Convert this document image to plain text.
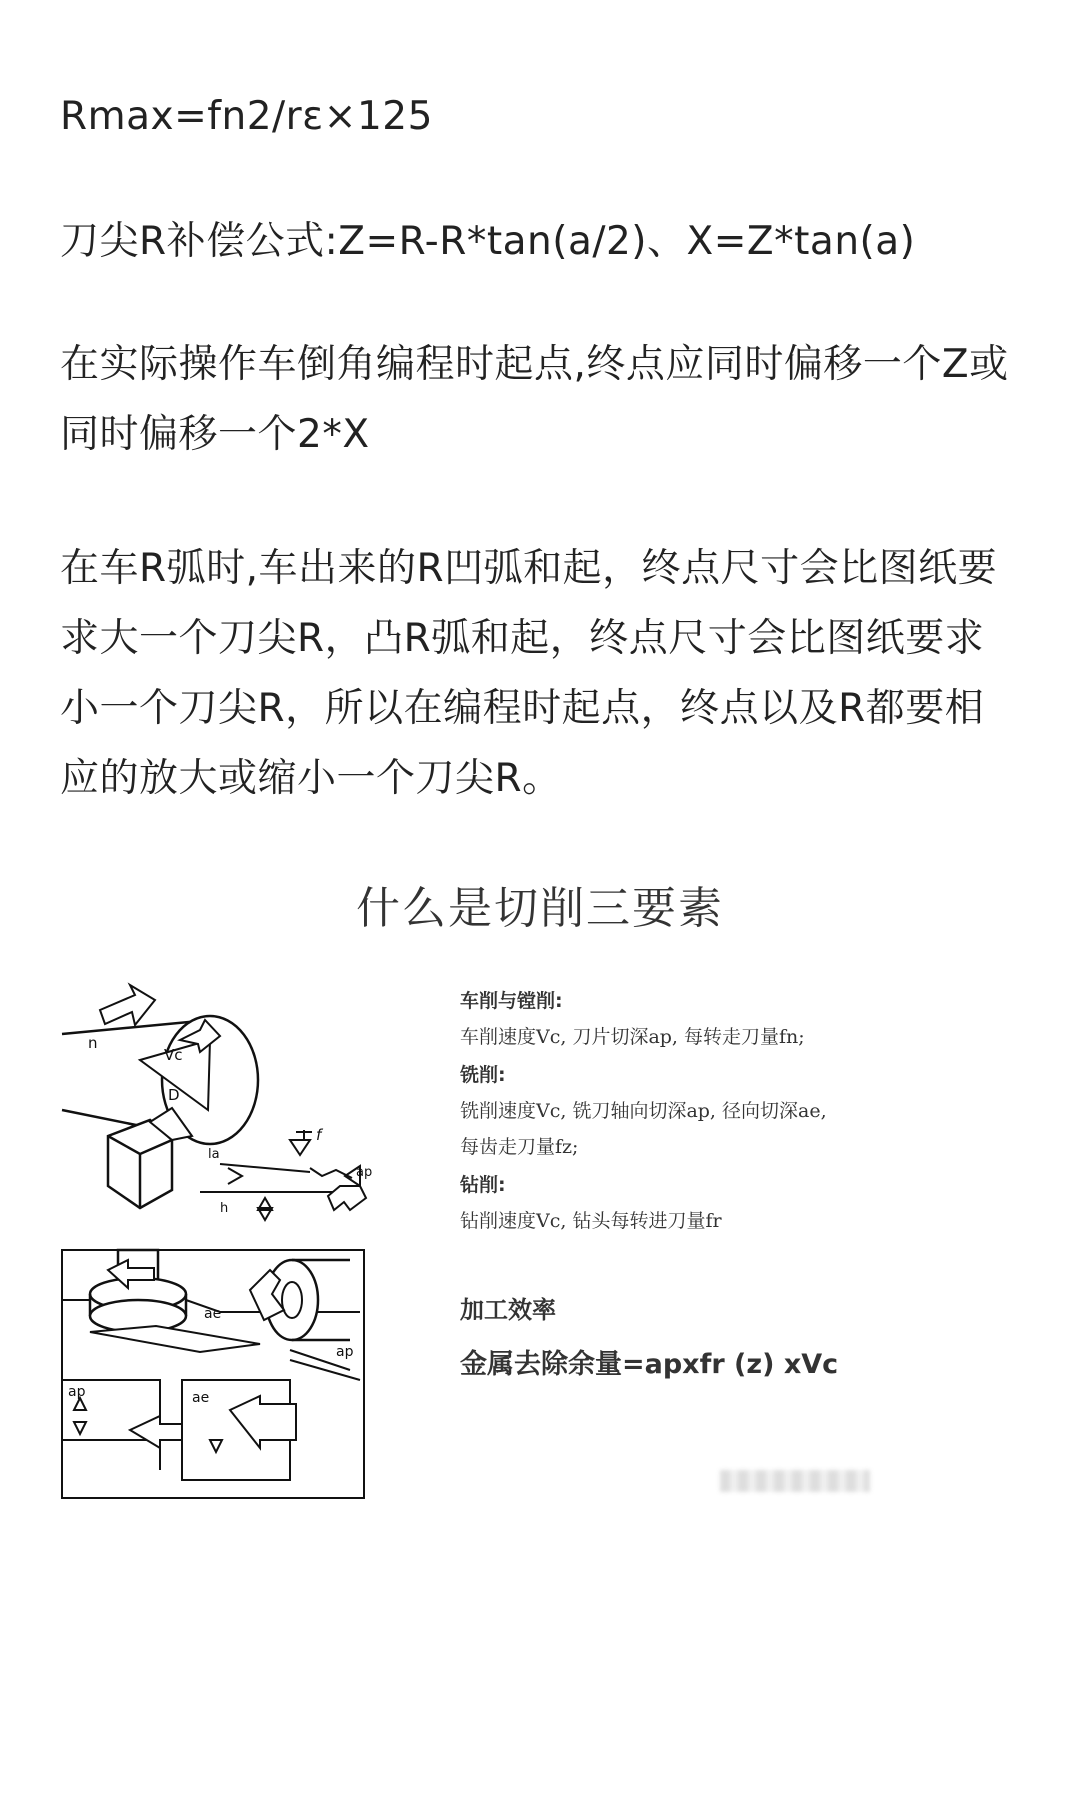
Rmax=fn2/rε×125

刀尖R补偿公式:Z=R-R*tan(a/2)、X=Z*tan(a)

在实际操作车倒角编程时起点,终点应同时偏移一个Z或同时偏移一个2*X

在车R弧时,车出来的R凹弧和起，终点尺寸会比图纸要求大一个刀尖R，凸R弧和起，终点尺寸会比图纸要求小一个刀尖R，所以在编程时起点，终点以及R都要相应的放大或缩小一个刀尖R。

什么是切削三要素
n
Vc
D
f
la
ap
h
ae
ap
ap	ae

车削与镗削:

车削速度Vc, 刀片切深ap, 每转走刀量fn;

铣削:

铣削速度Vc, 铣刀轴向切深ap, 径向切深ae,

每齿走刀量fz;

钻削:

钻削速度Vc, 钻头每转进刀量fr

加工效率

金属去除余量=apxfr (z) xVc
